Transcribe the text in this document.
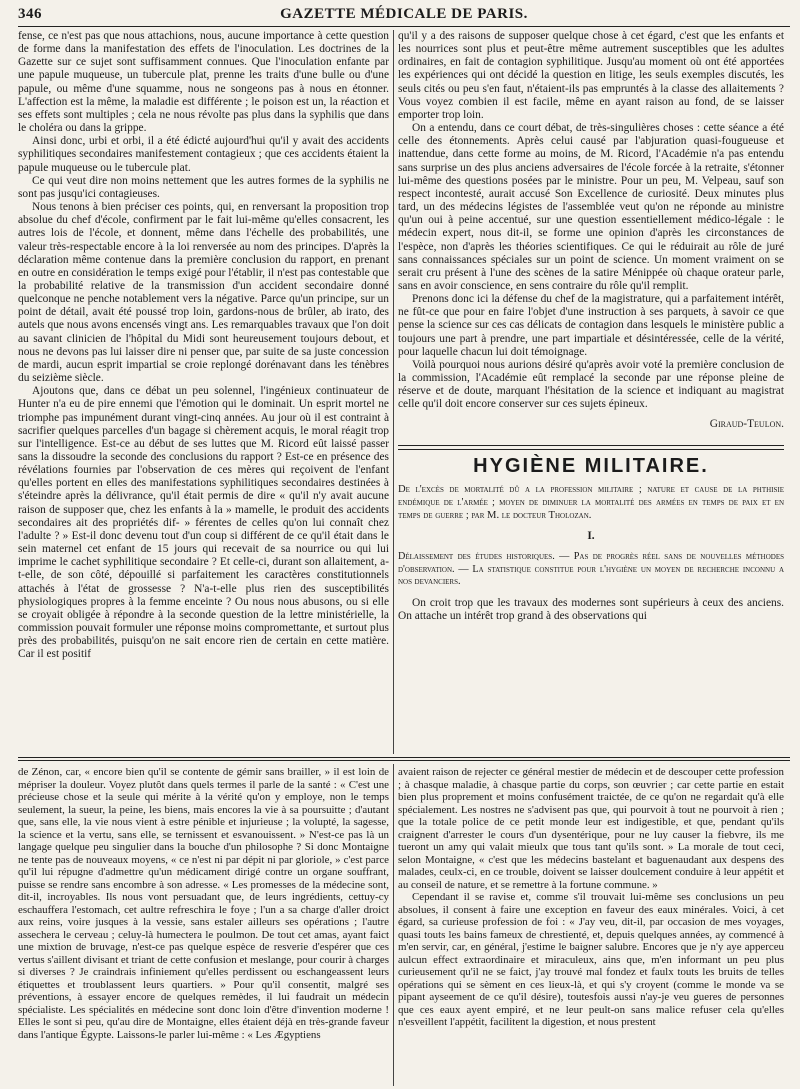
346	GAZETTE MÉDICALE DE PARIS.

fense, ce n'est pas que nous attachions, nous, aucune importance à cette question de forme dans la manifestation des effets de l'inoculation. Les doctrines de la Gazette sur ce sujet sont suffisamment connues. Que l'inoculation enfante par une papule muqueuse, un tubercule plat, prenne les traits d'une bulle ou d'une papule, ou même d'une squamme, nous ne songeons pas à nous en étonner. L'affection est la même, la maladie est différente ; le poison est un, la réaction et ses effets sont multiples ; cela ne nous révolte pas plus dans la syphilis que dans le choléra ou dans la grippe.

Ainsi donc, urbi et orbi, il a été édicté aujourd'hui qu'il y avait des accidents syphilitiques secondaires manifestement contagieux ; que ces accidents étaient la papule muqueuse ou le tubercule plat.

Ce qui veut dire non moins nettement que les autres formes de la syphilis ne sont pas jusqu'ici contagieuses.

Nous tenons à bien préciser ces points, qui, en renversant la proposition trop absolue du chef d'école, confirment par le fait lui-même qu'elles consacrent, les autres lois de l'école, et donnent, même dans l'échelle des probabilités, une valeur très-respectable encore à la loi renversée au nom des principes. D'après la déclaration même contenue dans la première conclusion du rapport, en prenant en outre en considération le temps exigé pour l'établir, il n'est pas contestable que la probabilité relative de la transmission d'un accident secondaire donné quelconque ne penche notablement vers la négative. Parce qu'un principe, sur un point de détail, avait été poussé trop loin, gardons-nous de brûler, ab irato, des autels que nous avons encensés vingt ans. Les remarquables travaux que l'on doit au savant clinicien de l'hôpital du Midi sont heureusement toujours debout, et nous ne devons pas lui laisser dire ni penser que, par suite de sa juste concession de mardi, aucun esprit impartial se croie replongé dorénavant dans les ténèbres du seizième siècle.

Ajoutons que, dans ce débat un peu solennel, l'ingénieux continuateur de Hunter n'a eu de pire ennemi que l'émotion qui le dominait. Un esprit mortel ne triomphe pas impunément durant vingt-cinq années. Au jour où il est contraint à sacrifier quelques parcelles d'un bagage si chèrement acquis, le moral réagit trop sur l'intelligence. Est-ce au début de ses luttes que M. Ricord eût laissé passer sans la dissoudre la seconde des conclusions du rapport ? Est-ce en présence des révélations fournies par l'observation de ces mères qui reçoivent de l'enfant qu'elles portent en elles des manifestations syphilitiques secondaires destinées à s'éteindre après la délivrance, qu'il était permis de dire « qu'il n'y avait aucune raison de supposer que, chez les enfants à la » mamelle, le produit des accidents secondaires ait des propriétés dif- » férentes de celles qu'on lui connaît chez l'adulte ? » Est-il donc devenu tout d'un coup si différent de ce qu'il était dans le sein maternel cet enfant de 15 jours qui recevait de sa nourrice ou qui lui imprime le cachet syphilitique secondaire ? Et celle-ci, durant son allaitement, a-t-elle, de son côté, dépouillé si parfaitement les caractères constitutionnels attachés à l'état de grossesse ? N'a-t-elle plus rien des susceptibilités physiologiques propres à la femme enceinte ? Ou nous nous abusons, ou si elle se croyait obligée à répondre à la seconde question de la lettre ministérielle, la commission pouvait formuler une réponse moins compromettante, et surtout plus près des probabilités, puisqu'on ne sait encore rien de certain en cette matière. Car il est positif

qu'il y a des raisons de supposer quelque chose à cet égard, c'est que les enfants et les nourrices sont plus et peut-être même autrement susceptibles que les adultes ordinaires, en fait de contagion syphilitique. Jusqu'au moment où ont été apportées les expériences qui ont décidé la question en litige, les seuls exemples discutés, les seuls cités ou peu s'en faut, n'étaient-ils pas empruntés à la classe des allaitements ? Vous voyez combien il est facile, même en ayant raison au fond, de se laisser emporter trop loin.

On a entendu, dans ce court débat, de très-singulières choses : cette séance a été celle des étonnements. Après celui causé par l'abjuration quasi-fougueuse et inattendue, dans cette forme au moins, de M. Ricord, l'Académie n'a pas entendu sans surprise un des plus anciens adversaires de l'école forcée à la retraite, s'étonner lui-même des questions posées par le ministre. Pour un peu, M. Velpeau, sauf son respect incontesté, aurait accusé Son Excellence de curiosité. Deux minutes plus tard, un des médecins légistes de l'assemblée veut qu'on ne réponde au ministre qu'un oui à peine accentué, sur une question essentiellement médico-légale : le médecin expert, nous dit-il, se forme une opinion d'après les circonstances de l'espèce, non d'après les théories scientifiques. Ce qui le réduirait au rôle de juré sans connaissances spéciales sur un point de science. Un moment vraiment on se serait cru présent à l'une des scènes de la satire Ménippée où chaque orateur parle, sans en avoir conscience, en sens contraire du rôle qu'il remplit.

Prenons donc ici la défense du chef de la magistrature, qui a parfaitement intérêt, ne fût-ce que pour en faire l'objet d'une instruction à ses parquets, à savoir ce que pense la science sur ces cas délicats de contagion dans lesquels le ministère public a toujours une part à prendre, une part impartiale et désintéressée, celle de la vérité, pour laquelle chacun lui doit témoignage.

Voilà pourquoi nous aurions désiré qu'après avoir voté la première conclusion de la commission, l'Académie eût remplacé la seconde par une réponse pleine de réserve et de doute, marquant l'hésitation de la science et indiquant au magistrat celle qu'il doit encore conserver sur ces sujets épineux.

Giraud-Teulon.

HYGIÈNE MILITAIRE.

De l'excès de mortalité dû a la profession militaire ; nature et cause de la phthisie endémique de l'armée ; moyen de diminuer la mortalité des armées en temps de paix et en temps de guerre ; par M. le docteur Tholozan.

I.

Délaissement des études historiques. — Pas de progrès réel sans de nouvelles méthodes d'observation. — La statistique constitue pour l'hygiène un moyen de recherche inconnu a nos devanciers.

On croit trop que les travaux des modernes sont supérieurs à ceux des anciens. On attache un intérêt trop grand à des observations qui

de Zénon, car, « encore bien qu'il se contente de gémir sans brailler, » il est loin de mépriser la douleur. Voyez plutôt dans quels termes il parle de la santé : « C'est une précieuse chose et la seule qui mérite à la vérité qu'on y employe, non le temps seulement, la sueur, la peine, les biens, mais encores la vie à sa poursuitte ; d'autant que, sans elle, la vie nous vient à estre pénible et injurieuse ; la volupté, la sagesse, la science et la vertu, sans elle, se ternissent et esvanouissent. » N'est-ce pas là un langage quelque peu singulier dans la bouche d'un philosophe ? Si donc Montaigne ne tente pas de nouveaux moyens, « ce n'est ni par dépit ni par gloriole, » c'est parce qu'il lui répugne d'admettre qu'un médicament dirigé contre un organe souffrant, puisse se rendre sans encombre à son adresse. « Les promesses de la médecine sont, dit-il, incroyables. Ils nous vont persuadant que, de leurs ingrédients, cettuy-cy eschauffera l'estomach, cet aultre refreschira le foye ; l'un a sa charge d'aller droict aux reins, voire jusques à la vessie, sans estaler ailleurs ses opérations ; l'autre assechera le cerveau ; celuy-là humectera le poulmon. De tout cet amas, ayant faict une mixtion de bruvage, n'est-ce pas quelque espèce de resverie d'espérer que ces vertus s'aillent divisant et triant de cette confusion et meslange, pour courir à charges si diverses ? Je craindrais infiniement qu'elles perdissent ou eschangeassent leurs étiquettes et troublassent leurs quartiers. » Pour qu'il consentit, malgré ses préventions, à essayer encore de quelques remèdes, il lui faudrait un médecin spécialiste. Les spécialités en médecine sont donc loin d'être d'invention moderne ! Elles le sont si peu, qu'au dire de Montaigne, elles étaient déjà en très-grande faveur dans l'antique Égypte. Laissons-le parler lui-même : « Les Ægyptiens

avaient raison de rejecter ce général mestier de médecin et de descouper cette profession ; à chasque maladie, à chasque partie du corps, son œuvrier ; car cette partie en estait bien plus proprement et moins confusément traictée, de ce qu'on ne regardait qu'à elle spécialement. Les nostres ne s'advisent pas que, qui pourvoit à tout ne pourvoit à rien ; que la totale police de ce petit monde leur est indigestible, et que, pendant qu'ils craignent d'arrester le cours d'un dysentérique, pour ne luy causer la fiebvre, ils me tueront un amy qui valait mieulx que tous tant qu'ils sont. » La morale de tout ceci, selon Montaigne, « c'est que les médecins bastelant et baguenaudant aux despens des malades, ceulx-ci, en ce trouble, doivent se laisser doulcement conduire à leur appétit et au conseil de nature, et se remettre à la fortune commune. »

Cependant il se ravise et, comme s'il trouvait lui-même ses conclusions un peu absolues, il consent à faire une exception en faveur des eaux minérales. Voici, à cet égard, sa curieuse profession de foi : « J'ay veu, dit-il, par occasion de mes voyages, quasi touts les bains fameux de chrestienté, et, depuis quelques années, ay commencé à m'en servir, car, en général, j'estime le baigner salubre. Encores que je n'y aye apperceu aulcun effect extraordinaire et miraculeux, ains que, m'en informant un peu plus curieusement qu'il ne se faict, j'ay trouvé mal fondez et faulx touts les bruits de telles opérations qui se sèment en ces lieux-là, et qui s'y croyent (comme le monde va se pipant ayseement de ce qu'il désire), toutesfois aussi n'ay-je veu gueres de personnes que ces eaux ayent empiré, et ne leur peult-on sans malice refuser cela qu'elles n'esveillent l'appétit, facilitent la digestion, et nous prestent
